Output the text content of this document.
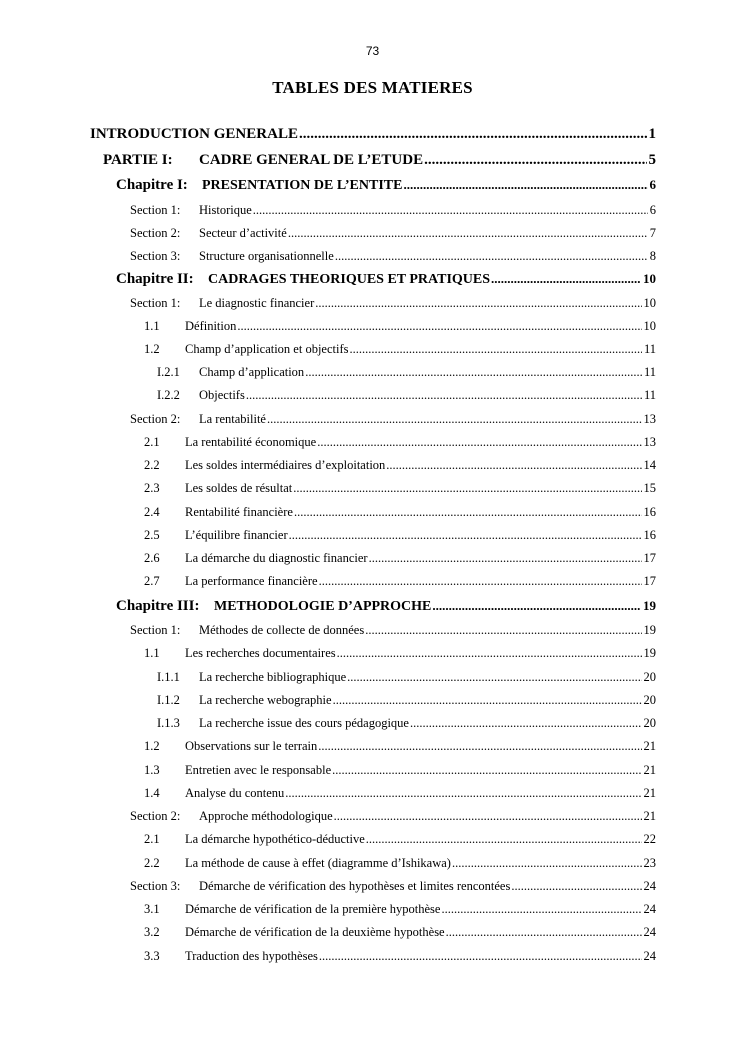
73
TABLES DES MATIERES
INTRODUCTION GENERALE .....	1
PARTIE I:	CADRE GENERAL DE L’ETUDE .....	5
Chapitre I:	PRESENTATION DE L’ENTITE .....	6
Section 1:	Historique .....	6
Section 2:	Secteur d’activité .....	7
Section 3:	Structure organisationnelle .....	8
Chapitre II:	CADRAGES THEORIQUES ET PRATIQUES .....	10
Section 1:	Le diagnostic financier .....	10
1.1	Définition .....	10
1.2	Champ d’application et objectifs .....	11
I.2.1	Champ d’application .....	11
I.2.2	Objectifs .....	11
Section 2:	La rentabilité .....	13
2.1	La rentabilité économique .....	13
2.2	Les soldes intermédiaires d’exploitation .....	14
2.3	Les soldes de résultat .....	15
2.4	Rentabilité financière .....	16
2.5	L’équilibre financier .....	16
2.6	La démarche du diagnostic financier .....	17
2.7	La performance financière .....	17
Chapitre III:	METHODOLOGIE D’APPROCHE .....	19
Section 1:	Méthodes de collecte de données .....	19
1.1	Les recherches documentaires .....	19
I.1.1	La recherche bibliographique .....	20
I.1.2	La recherche webographie .....	20
I.1.3	La recherche issue des cours pédagogique .....	20
1.2	Observations sur le terrain .....	21
1.3	Entretien avec le responsable .....	21
1.4	Analyse du contenu .....	21
Section 2:	Approche méthodologique .....	21
2.1	La démarche hypothético-déductive .....	22
2.2	La méthode de cause à effet (diagramme d’Ishikawa) .....	23
Section 3:	Démarche de vérification des hypothèses et limites rencontées .....	24
3.1	Démarche de vérification de la première hypothèse .....	24
3.2	Démarche de vérification de la deuxième hypothèse .....	24
3.3	Traduction des hypothèses .....	24
